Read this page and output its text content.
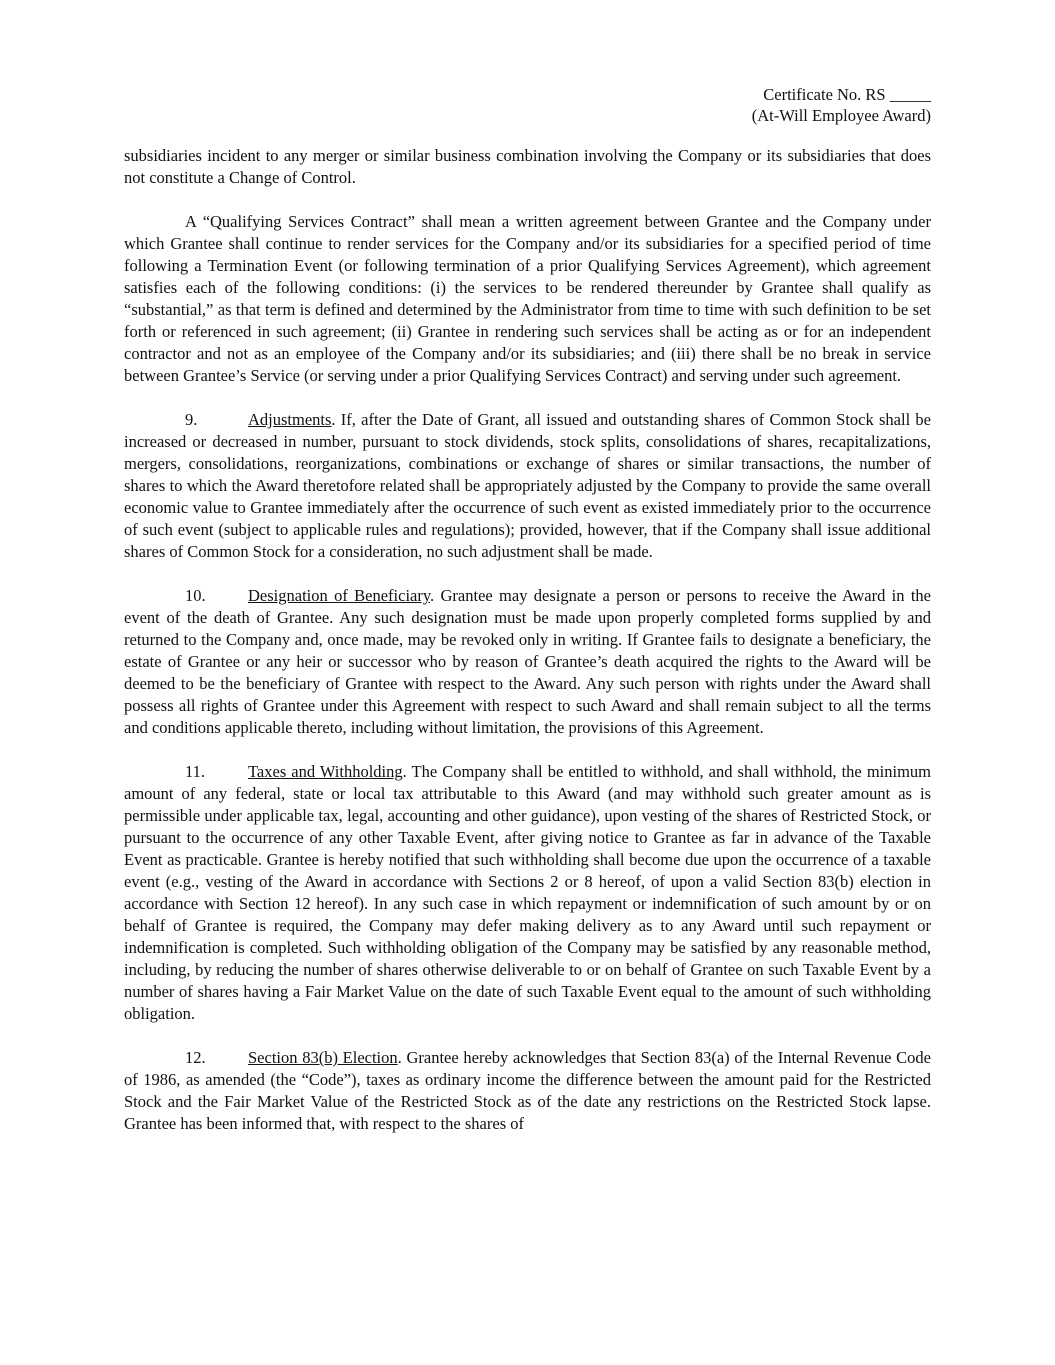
Certificate No. RS _____
(At-Will Employee Award)

subsidiaries incident to any merger or similar business combination involving the Company or its subsidiaries that does not constitute a Change of Control.

A “Qualifying Services Contract” shall mean a written agreement between Grantee and the Company under which Grantee shall continue to render services for the Company and/or its subsidiaries for a specified period of time following a Termination Event (or following termination of a prior Qualifying Services Agreement), which agreement satisfies each of the following conditions: (i) the services to be rendered thereunder by Grantee shall qualify as “substantial,” as that term is defined and determined by the Administrator from time to time with such definition to be set forth or referenced in such agreement; (ii) Grantee in rendering such services shall be acting as or for an independent contractor and not as an employee of the Company and/or its subsidiaries; and (iii) there shall be no break in service between Grantee’s Service (or serving under a prior Qualifying Services Contract) and serving under such agreement.

9.	Adjustments. If, after the Date of Grant, all issued and outstanding shares of Common Stock shall be increased or decreased in number, pursuant to stock dividends, stock splits, consolidations of shares, recapitalizations, mergers, consolidations, reorganizations, combinations or exchange of shares or similar transactions, the number of shares to which the Award theretofore related shall be appropriately adjusted by the Company to provide the same overall economic value to Grantee immediately after the occurrence of such event as existed immediately prior to the occurrence of such event (subject to applicable rules and regulations); provided, however, that if the Company shall issue additional shares of Common Stock for a consideration, no such adjustment shall be made.

10.	Designation of Beneficiary. Grantee may designate a person or persons to receive the Award in the event of the death of Grantee. Any such designation must be made upon properly completed forms supplied by and returned to the Company and, once made, may be revoked only in writing. If Grantee fails to designate a beneficiary, the estate of Grantee or any heir or successor who by reason of Grantee’s death acquired the rights to the Award will be deemed to be the beneficiary of Grantee with respect to the Award. Any such person with rights under the Award shall possess all rights of Grantee under this Agreement with respect to such Award and shall remain subject to all the terms and conditions applicable thereto, including without limitation, the provisions of this Agreement.

11.	Taxes and Withholding. The Company shall be entitled to withhold, and shall withhold, the minimum amount of any federal, state or local tax attributable to this Award (and may withhold such greater amount as is permissible under applicable tax, legal, accounting and other guidance), upon vesting of the shares of Restricted Stock, or pursuant to the occurrence of any other Taxable Event, after giving notice to Grantee as far in advance of the Taxable Event as practicable. Grantee is hereby notified that such withholding shall become due upon the occurrence of a taxable event (e.g., vesting of the Award in accordance with Sections 2 or 8 hereof, of upon a valid Section 83(b) election in accordance with Section 12 hereof). In any such case in which repayment or indemnification of such amount by or on behalf of Grantee is required, the Company may defer making delivery as to any Award until such repayment or indemnification is completed. Such withholding obligation of the Company may be satisfied by any reasonable method, including, by reducing the number of shares otherwise deliverable to or on behalf of Grantee on such Taxable Event by a number of shares having a Fair Market Value on the date of such Taxable Event equal to the amount of such withholding obligation.

12.	Section 83(b) Election. Grantee hereby acknowledges that Section 83(a) of the Internal Revenue Code of 1986, as amended (the “Code”), taxes as ordinary income the difference between the amount paid for the Restricted Stock and the Fair Market Value of the Restricted Stock as of the date any restrictions on the Restricted Stock lapse. Grantee has been informed that, with respect to the shares of
